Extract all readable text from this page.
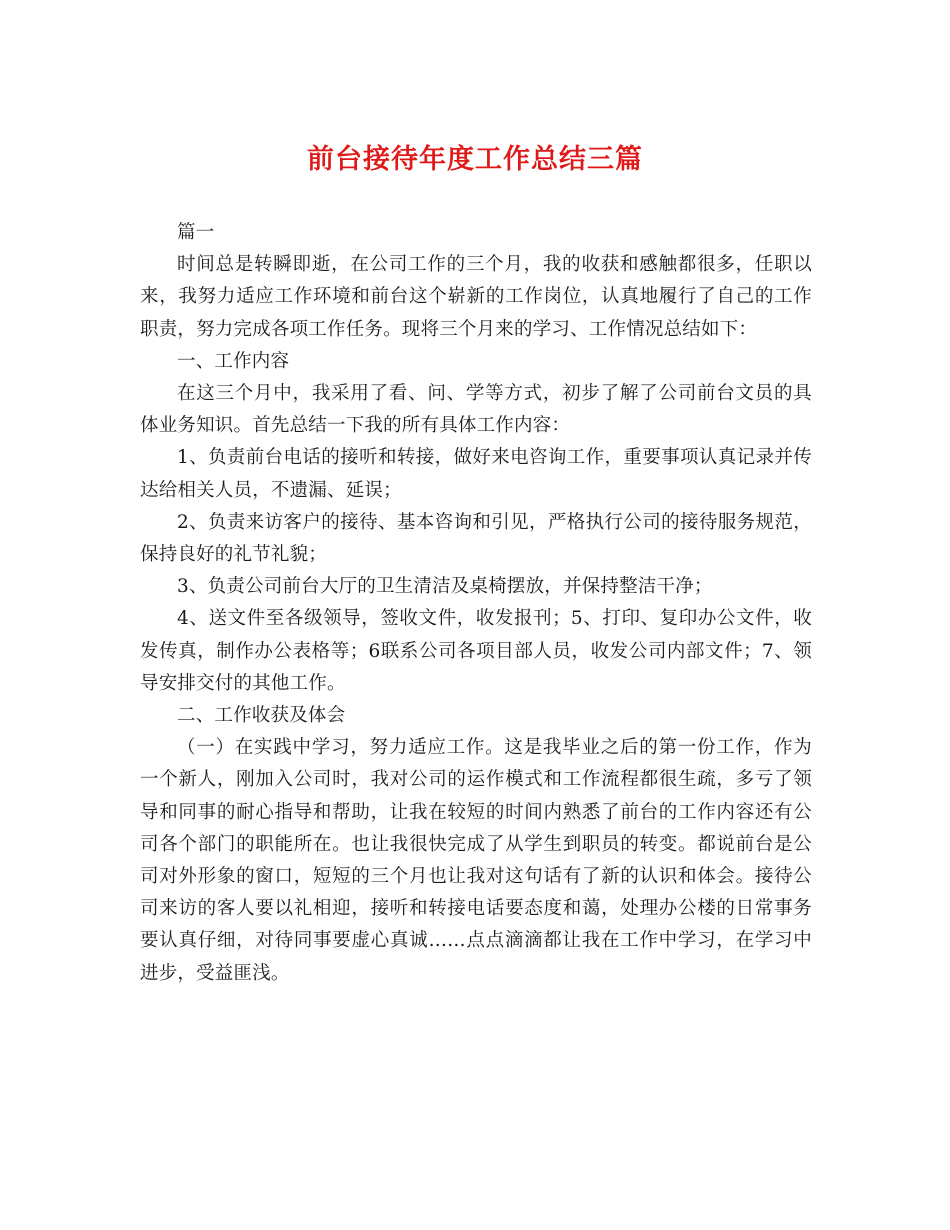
前台接待年度工作总结三篇

篇一

时间总是转瞬即逝，在公司工作的三个月，我的收获和感触都很多，任职以来，我努力适应工作环境和前台这个崭新的工作岗位，认真地履行了自己的工作职责，努力完成各项工作任务。现将三个月来的学习、工作情况总结如下：

一、工作内容

在这三个月中，我采用了看、问、学等方式，初步了解了公司前台文员的具体业务知识。首先总结一下我的所有具体工作内容：

1、负责前台电话的接听和转接，做好来电咨询工作，重要事项认真记录并传达给相关人员，不遗漏、延误；

2、负责来访客户的接待、基本咨询和引见，严格执行公司的接待服务规范，保持良好的礼节礼貌；

3、负责公司前台大厅的卫生清洁及桌椅摆放，并保持整洁干净；

4、送文件至各级领导，签收文件，收发报刊；5、打印、复印办公文件，收发传真，制作办公表格等；6联系公司各项目部人员，收发公司内部文件；7、领导安排交付的其他工作。

二、工作收获及体会

（一）在实践中学习，努力适应工作。这是我毕业之后的第一份工作，作为一个新人，刚加入公司时，我对公司的运作模式和工作流程都很生疏，多亏了领导和同事的耐心指导和帮助，让我在较短的时间内熟悉了前台的工作内容还有公司各个部门的职能所在。也让我很快完成了从学生到职员的转变。都说前台是公司对外形象的窗口，短短的三个月也让我对这句话有了新的认识和体会。接待公司来访的客人要以礼相迎，接听和转接电话要态度和蔼，处理办公楼的日常事务要认真仔细，对待同事要虚心真诚……点点滴滴都让我在工作中学习，在学习中进步，受益匪浅。
